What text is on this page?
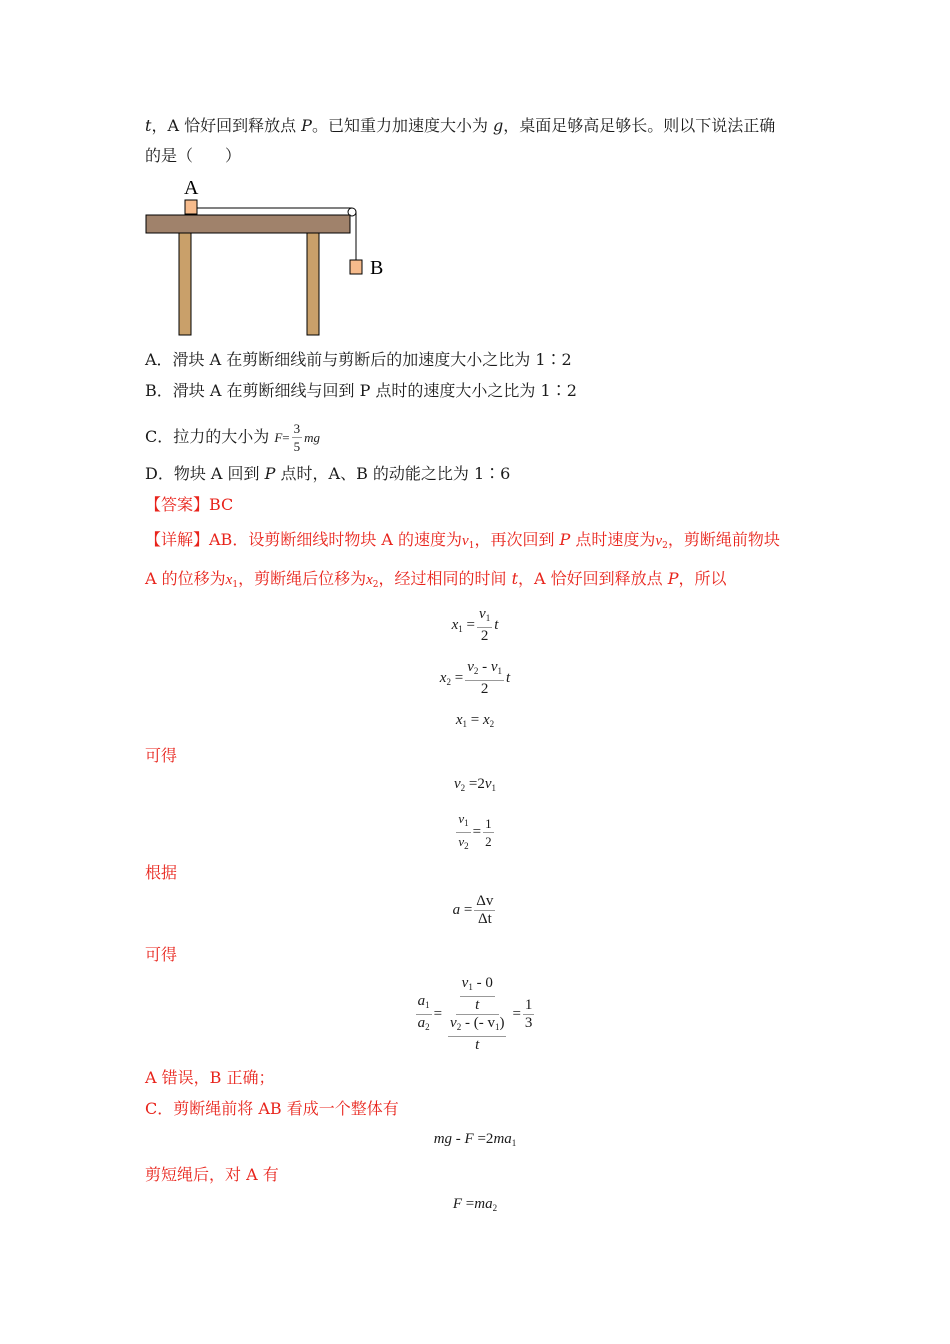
t，A 恰好回到释放点 P。已知重力加速度大小为 g，桌面足够高足够长。则以下说法正确
的是（　　）
A
B
A．滑块 A 在剪断细线前与剪断后的加速度大小之比为 1∶2
B．滑块 A 在剪断细线与回到 P 点时的速度大小之比为 1∶2
C．拉力的大小为 $F= \frac{3}{5}$ mg
D．物块 A 回到 P 点时，A、B 的动能之比为 1∶6
【答案】BC
【详解】AB．设剪断细线时物块 A 的速度为$v_1$，再次回到 P 点时速度为$v_2$，剪断绳前物块
A 的位移为$x_1$，剪断绳后位移为$x_2$，经过相同的时间 t，A 恰好回到释放点 P，所以
$x_1 = \frac{v_1}{2}$ t
$x_2 = \frac{v_2 - v_1}{2}$ t
$x_1 = x_2$
可得
$v_2 =2v_1$
$\frac{v_1}{v_2} = \frac{1}{2}$
根据
$a = \frac{\Delta v}{\Delta t}$
可得
$\frac{a_1}{a_2} = \frac{\frac{v_1 - 0}{t}}{\frac{v_2 - (- v_1)}{t}} = \frac{1}{3}$
A 错误，B 正确；
C．剪断绳前将 AB 看成一个整体有
mg - $F =2ma_1$
剪短绳后，对 A 有
$F =ma_2$
